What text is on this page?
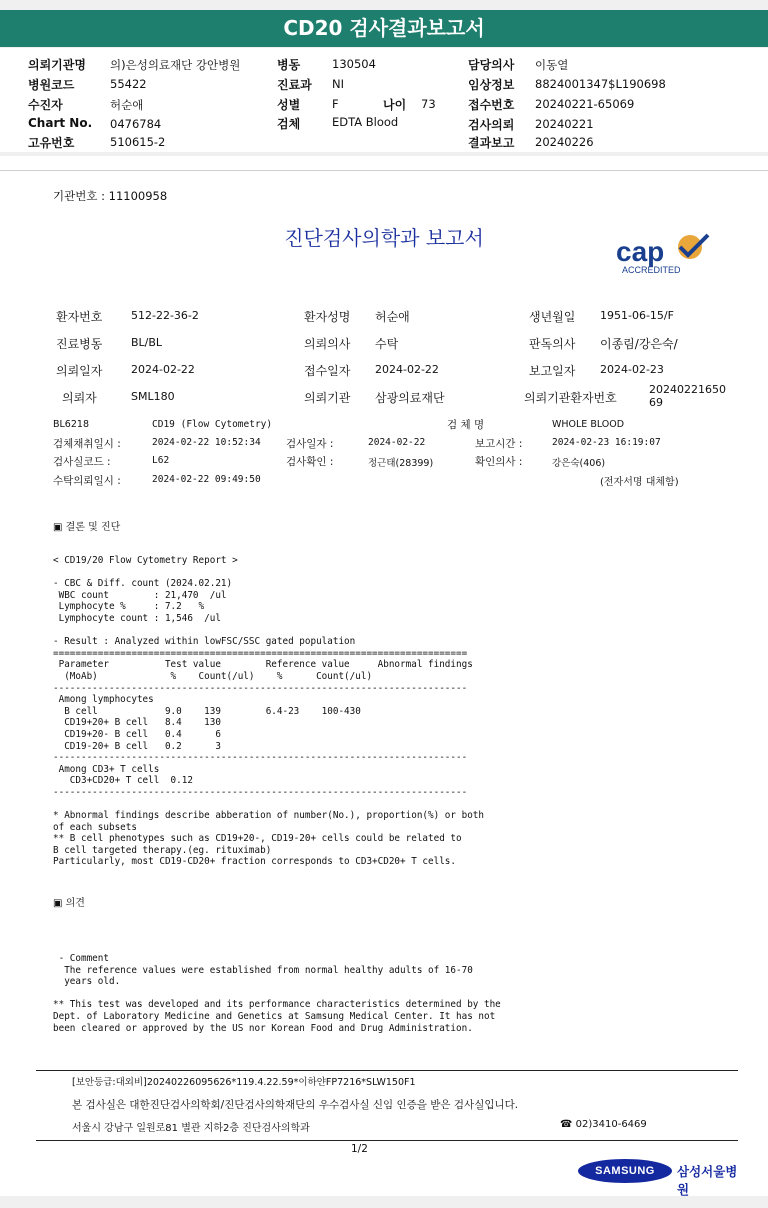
CD20 검사결과보고서
의뢰기관명 의)은성의료재단 강안병원
병원코드	55422
수진자	허순애
Chart No. 0476784
고유번호	510615-2
병동	130504
진료과 NI
성별	F	나이 73
검체	EDTA Blood
담당의사 이동열
임상정보 8824001347$L190698
접수번호 20240221-65069
검사의뢰 20240221
결과보고 20240226
기관번호 : 11100958
진단검사의학과 보고서	cap
ACCREDITED
환자번호	512-22-36-2	환자성명 허순애	생년월일 1951-06-15/F
진료병동	BL/BL	의뢰의사 수탁	판독의사 이종림/강은숙/
의뢰일자	2024-02-22	접수일자 2024-02-22	보고일자 2024-02-23
의뢰자	SML180	의뢰기관 삼광의료재단	의뢰기관환자번호
2024022165069
BL6218	CD19 (Flow Cytometry)	검 체 명	WHOLE BLOOD
검체채취일시 :	2024-02-22 10:52:34 검사일자 :	2024-02-22	보고시간 :	2024-02-23 16:19:07
검사실코드 :	L62	검사확인 :	정근태(28399)	확인의사 :	강은숙(406)
수탁의뢰일시 :	2024-02-22 09:49:50	(전자서명 대체함)
▣ 결론 및 진단
< CD19/20 Flow Cytometry Report >

- CBC & Diff. count (2024.02.21)
WBC count        : 21,470  /ul
Lymphocyte %     : 7.2   %
Lymphocyte count : 1,546  /ul

- Result : Analyzed within lowFSC/SSC gated population
==========================================================================
Parameter          Test value        Reference value     Abnormal findings
(MoAb)             %    Count(/ul)    %      Count(/ul)
--------------------------------------------------------------------------
Among lymphocytes
B cell            9.0    139        6.4-23    100-430
CD19+20+ B cell   8.4    130
CD19+20- B cell   0.4      6
CD19-20+ B cell   0.2      3
--------------------------------------------------------------------------
Among CD3+ T cells
CD3+CD20+ T cell  0.12
--------------------------------------------------------------------------

* Abnormal findings describe abberation of number(No.), proportion(%) or both
of each subsets
** B cell phenotypes such as CD19+20-, CD19-20+ cells could be related to
B cell targeted therapy.(eg. rituximab)
Particularly, most CD19-CD20+ fraction corresponds to CD3+CD20+ T cells.
▣ 의견
- Comment
The reference values were established from normal healthy adults of 16-70
years old.

** This test was developed and its performance characteristics determined by the
Dept. of Laboratory Medicine and Genetics at Samsung Medical Center. It has not
been cleared or approved by the US nor Korean Food and Drug Administration.
[보안등급:대외비]20240226095626*119.4.22.59*이하얀FP7216*SLW150F1
본 검사실은 대한진단검사의학회/진단검사의학재단의 우수검사실 신임 인증을 받은 검사실입니다.
서울시 강남구 일원로81 별관 지하2층 진단검사의학과	☎ 02)3410-6469
1/2
SAMSUNG	삼성서울병원
